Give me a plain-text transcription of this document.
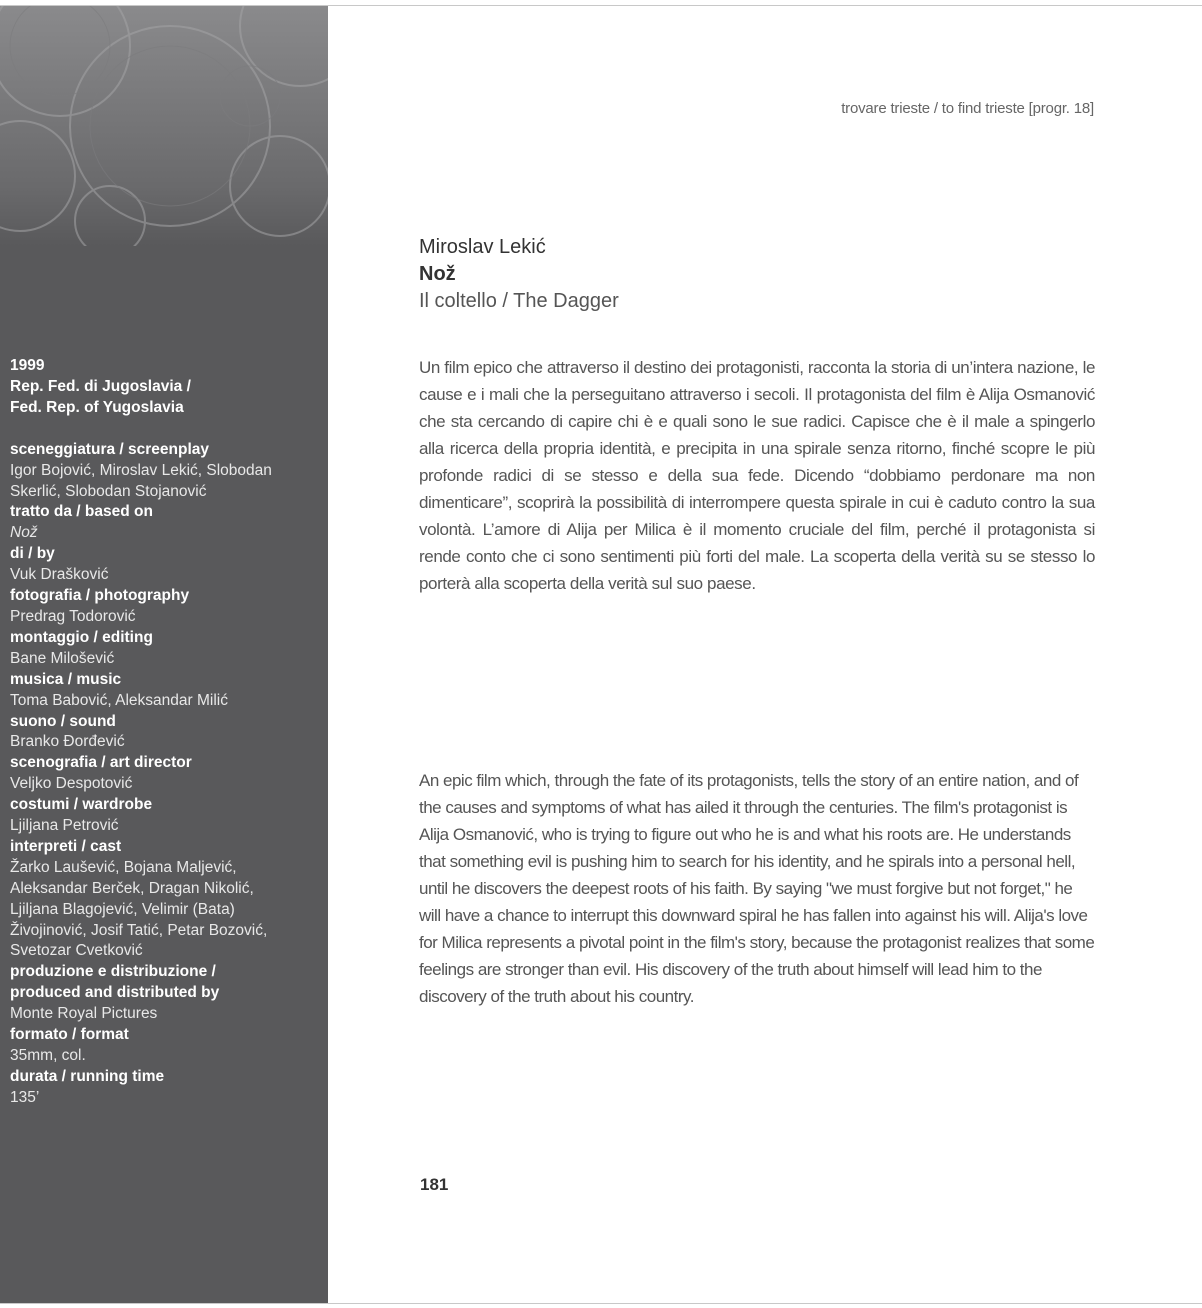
1999
Rep. Fed. di Jugoslavia /
Fed. Rep. of Yugoslavia
sceneggiatura / screenplay
Igor Bojović, Miroslav Lekić, Slobodan
Skerlić, Slobodan Stojanović
tratto da / based on
Nož
di / by
Vuk Drašković
fotografia / photography
Predrag Todorović
montaggio / editing
Bane Milošević
musica / music
Toma Babović, Aleksandar Milić
suono / sound
Branko Đorđević
scenografia / art director
Veljko Despotović
costumi / wardrobe
Ljiljana Petrović
interpreti / cast
Žarko Laušević, Bojana Maljević,
Aleksandar Berček, Dragan Nikolić,
Ljiljana Blagojević, Velimir (Bata)
Živojinović, Josif Tatić, Petar Bozović,
Svetozar Cvetković
produzione e distribuzione /
produced and distributed by
Monte Royal Pictures
formato / format
35mm, col.
durata / running time
135’
trovare trieste / to find trieste [progr. 18]
Miroslav Lekić
Nož
Il coltello / The Dagger
Un film epico che attraverso il destino dei protagonisti, racconta la storia di un’intera nazione, le cause e i mali che la perseguitano attraverso i secoli. Il protagonista del film è Alija Osmanović che sta cercando di capire chi è e quali sono le sue radici. Capisce che è il male a spingerlo alla ricerca della propria identità, e precipita in una spirale senza ritorno, finché scopre le più profonde radici di se stesso e della sua fede. Dicendo “dobbiamo perdonare ma non dimenticare”, scoprirà la possibilità di interrompere questa spirale in cui è caduto contro la sua volontà. L’amore di Alija per Milica è il momento cruciale del film, perché il protagonista si rende conto che ci sono sentimenti più forti del male. La scoperta della verità su se stesso lo porterà alla scoperta della verità sul suo paese.
An epic film which, through the fate of its protagonists, tells the story of an entire nation, and of the causes and symptoms of what has ailed it through the centuries. The film's protagonist is Alija Osmanović, who is trying to figure out who he is and what his roots are. He understands that something evil is pushing him to search for his identity, and he spirals into a personal hell, until he discovers the deepest roots of his faith. By saying "we must forgive but not forget," he will have a chance to interrupt this downward spiral he has fallen into against his will. Alija's love for Milica represents a pivotal point in the film's story, because the protagonist realizes that some feelings are stronger than evil. His discovery of the truth about himself will lead him to the discovery of the truth about his country.
181
